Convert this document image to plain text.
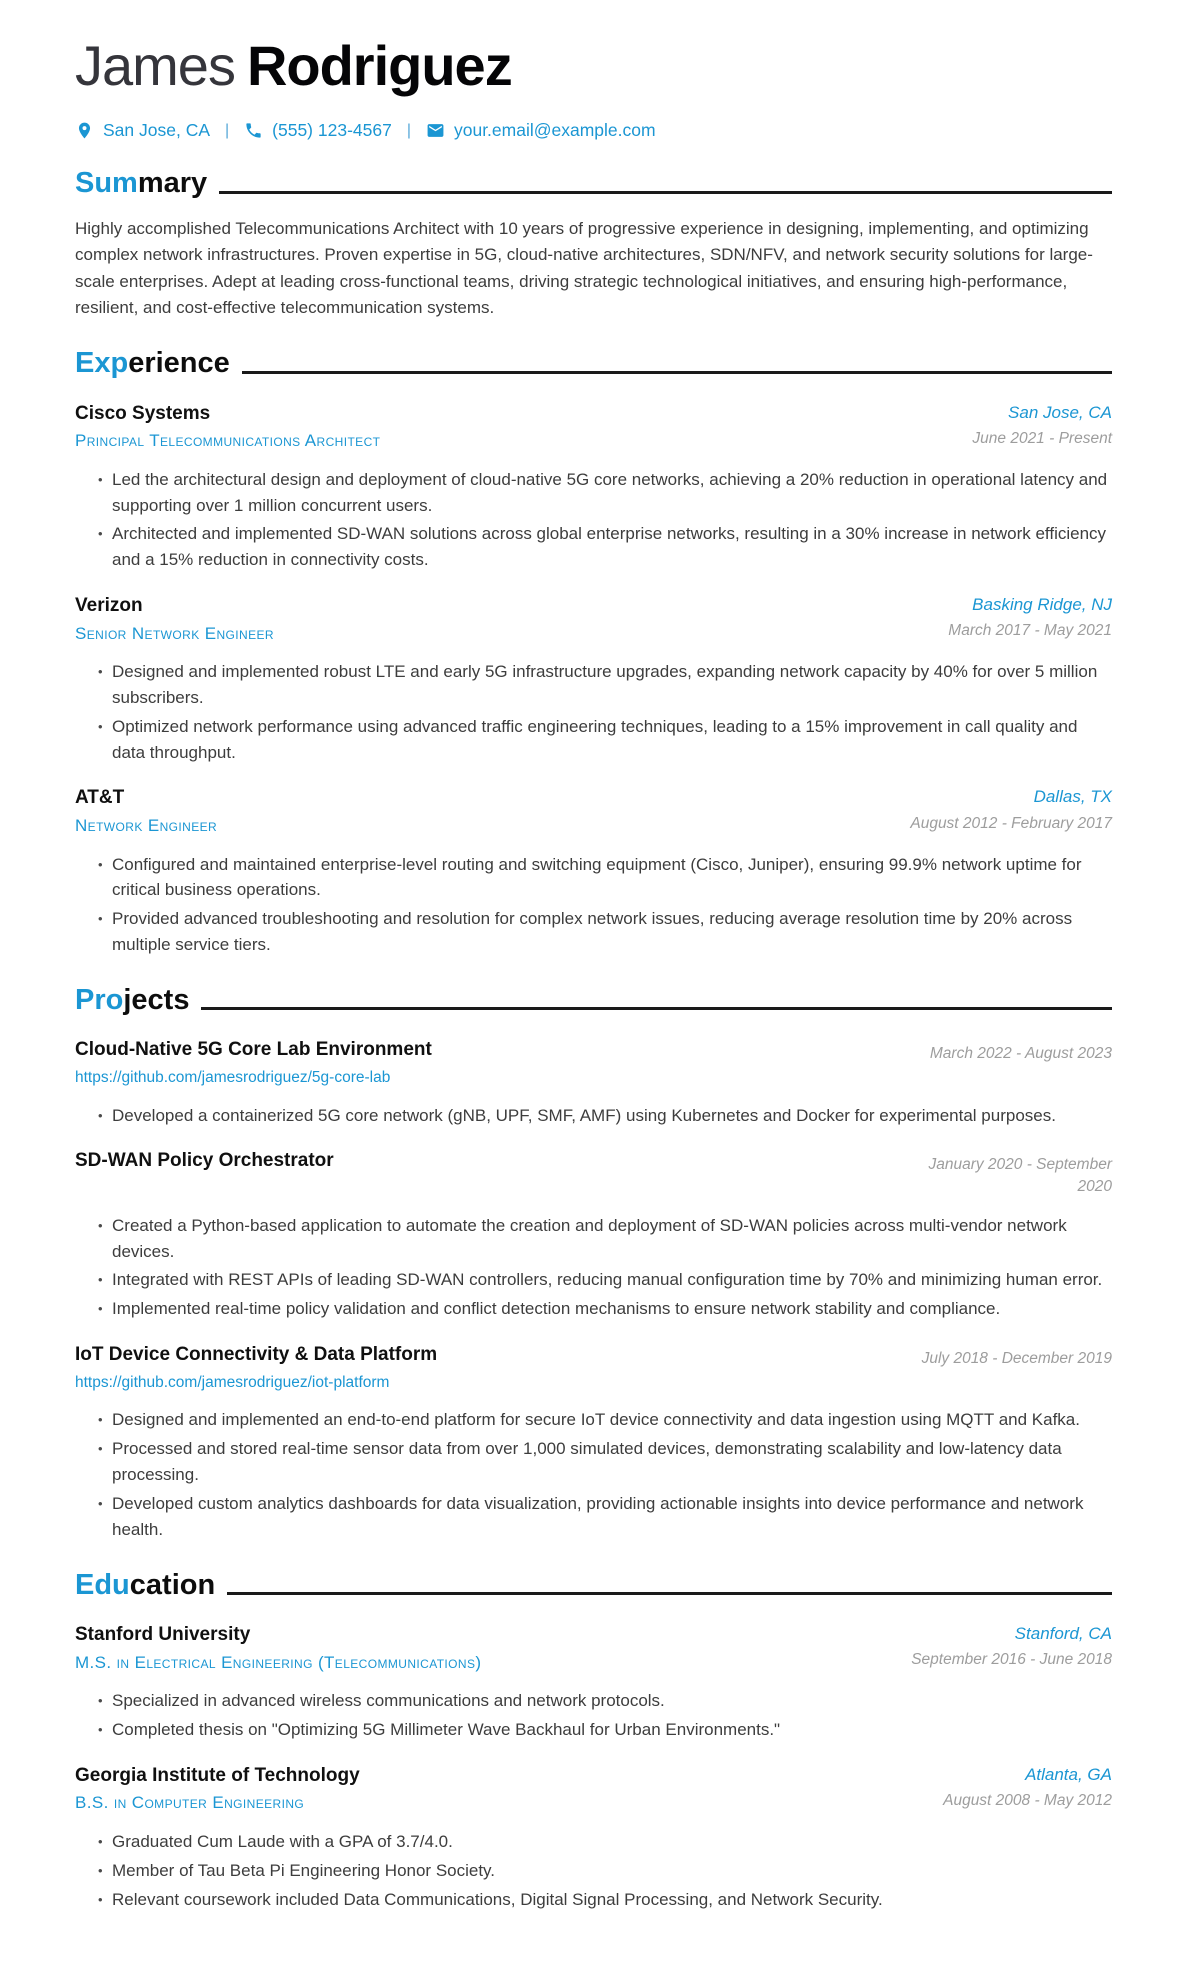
James Rodriguez
San Jose, CA | (555) 123-4567 | your.email@example.com
Sum mary
Highly accomplished Telecommunications Architect with 10 years of progressive experience in designing, implementing, and optimizing complex network infrastructures. Proven expertise in 5G, cloud-native architectures, SDN/NFV, and network security solutions for large-scale enterprises. Adept at leading cross-functional teams, driving strategic technological initiatives, and ensuring high-performance, resilient, and cost-effective telecommunication systems.
Exp erience
Cisco Systems
Principal Telecommunications Architect
San Jose, CA
June 2021 - Present
• Led the architectural design and deployment of cloud-native 5G core networks, achieving a 20% reduction in operational latency and supporting over 1 million concurrent users.
• Architected and implemented SD-WAN solutions across global enterprise networks, resulting in a 30% increase in network efficiency and a 15% reduction in connectivity costs.
Verizon
Senior Network Engineer
Basking Ridge, NJ
March 2017 - May 2021
• Designed and implemented robust LTE and early 5G infrastructure upgrades, expanding network capacity by 40% for over 5 million subscribers.
• Optimized network performance using advanced traffic engineering techniques, leading to a 15% improvement in call quality and data throughput.
AT&T
Network Engineer
Dallas, TX
August 2012 - February 2017
• Configured and maintained enterprise-level routing and switching equipment (Cisco, Juniper), ensuring 99.9% network uptime for critical business operations.
• Provided advanced troubleshooting and resolution for complex network issues, reducing average resolution time by 20% across multiple service tiers.
Pro jects
Cloud-Native 5G Core Lab Environment
https://github.com/jamesrodriguez/5g-core-lab
March 2022 - August 2023
• Developed a containerized 5G core network (gNB, UPF, SMF, AMF) using Kubernetes and Docker for experimental purposes.
SD-WAN Policy Orchestrator	January 2020 - September 2020
• Created a Python-based application to automate the creation and deployment of SD-WAN policies across multi-vendor network devices.
• Integrated with REST APIs of leading SD-WAN controllers, reducing manual configuration time by 70% and minimizing human error.
• Implemented real-time policy validation and conflict detection mechanisms to ensure network stability and compliance.
IoT Device Connectivity & Data Platform
https://github.com/jamesrodriguez/iot-platform
July 2018 - December 2019
• Designed and implemented an end-to-end platform for secure IoT device connectivity and data ingestion using MQTT and Kafka.
• Processed and stored real-time sensor data from over 1,000 simulated devices, demonstrating scalability and low-latency data processing.
• Developed custom analytics dashboards for data visualization, providing actionable insights into device performance and network health.
Edu cation
Stanford University
M.S. in Electrical Engineering (Telecommunications)
Stanford, CA
September 2016 - June 2018
• Specialized in advanced wireless communications and network protocols.
• Completed thesis on "Optimizing 5G Millimeter Wave Backhaul for Urban Environments."
Georgia Institute of Technology
B.S. in Computer Engineering
Atlanta, GA
August 2008 - May 2012
• Graduated Cum Laude with a GPA of 3.7/4.0.
• Member of Tau Beta Pi Engineering Honor Society.
• Relevant coursework included Data Communications, Digital Signal Processing, and Network Security.
